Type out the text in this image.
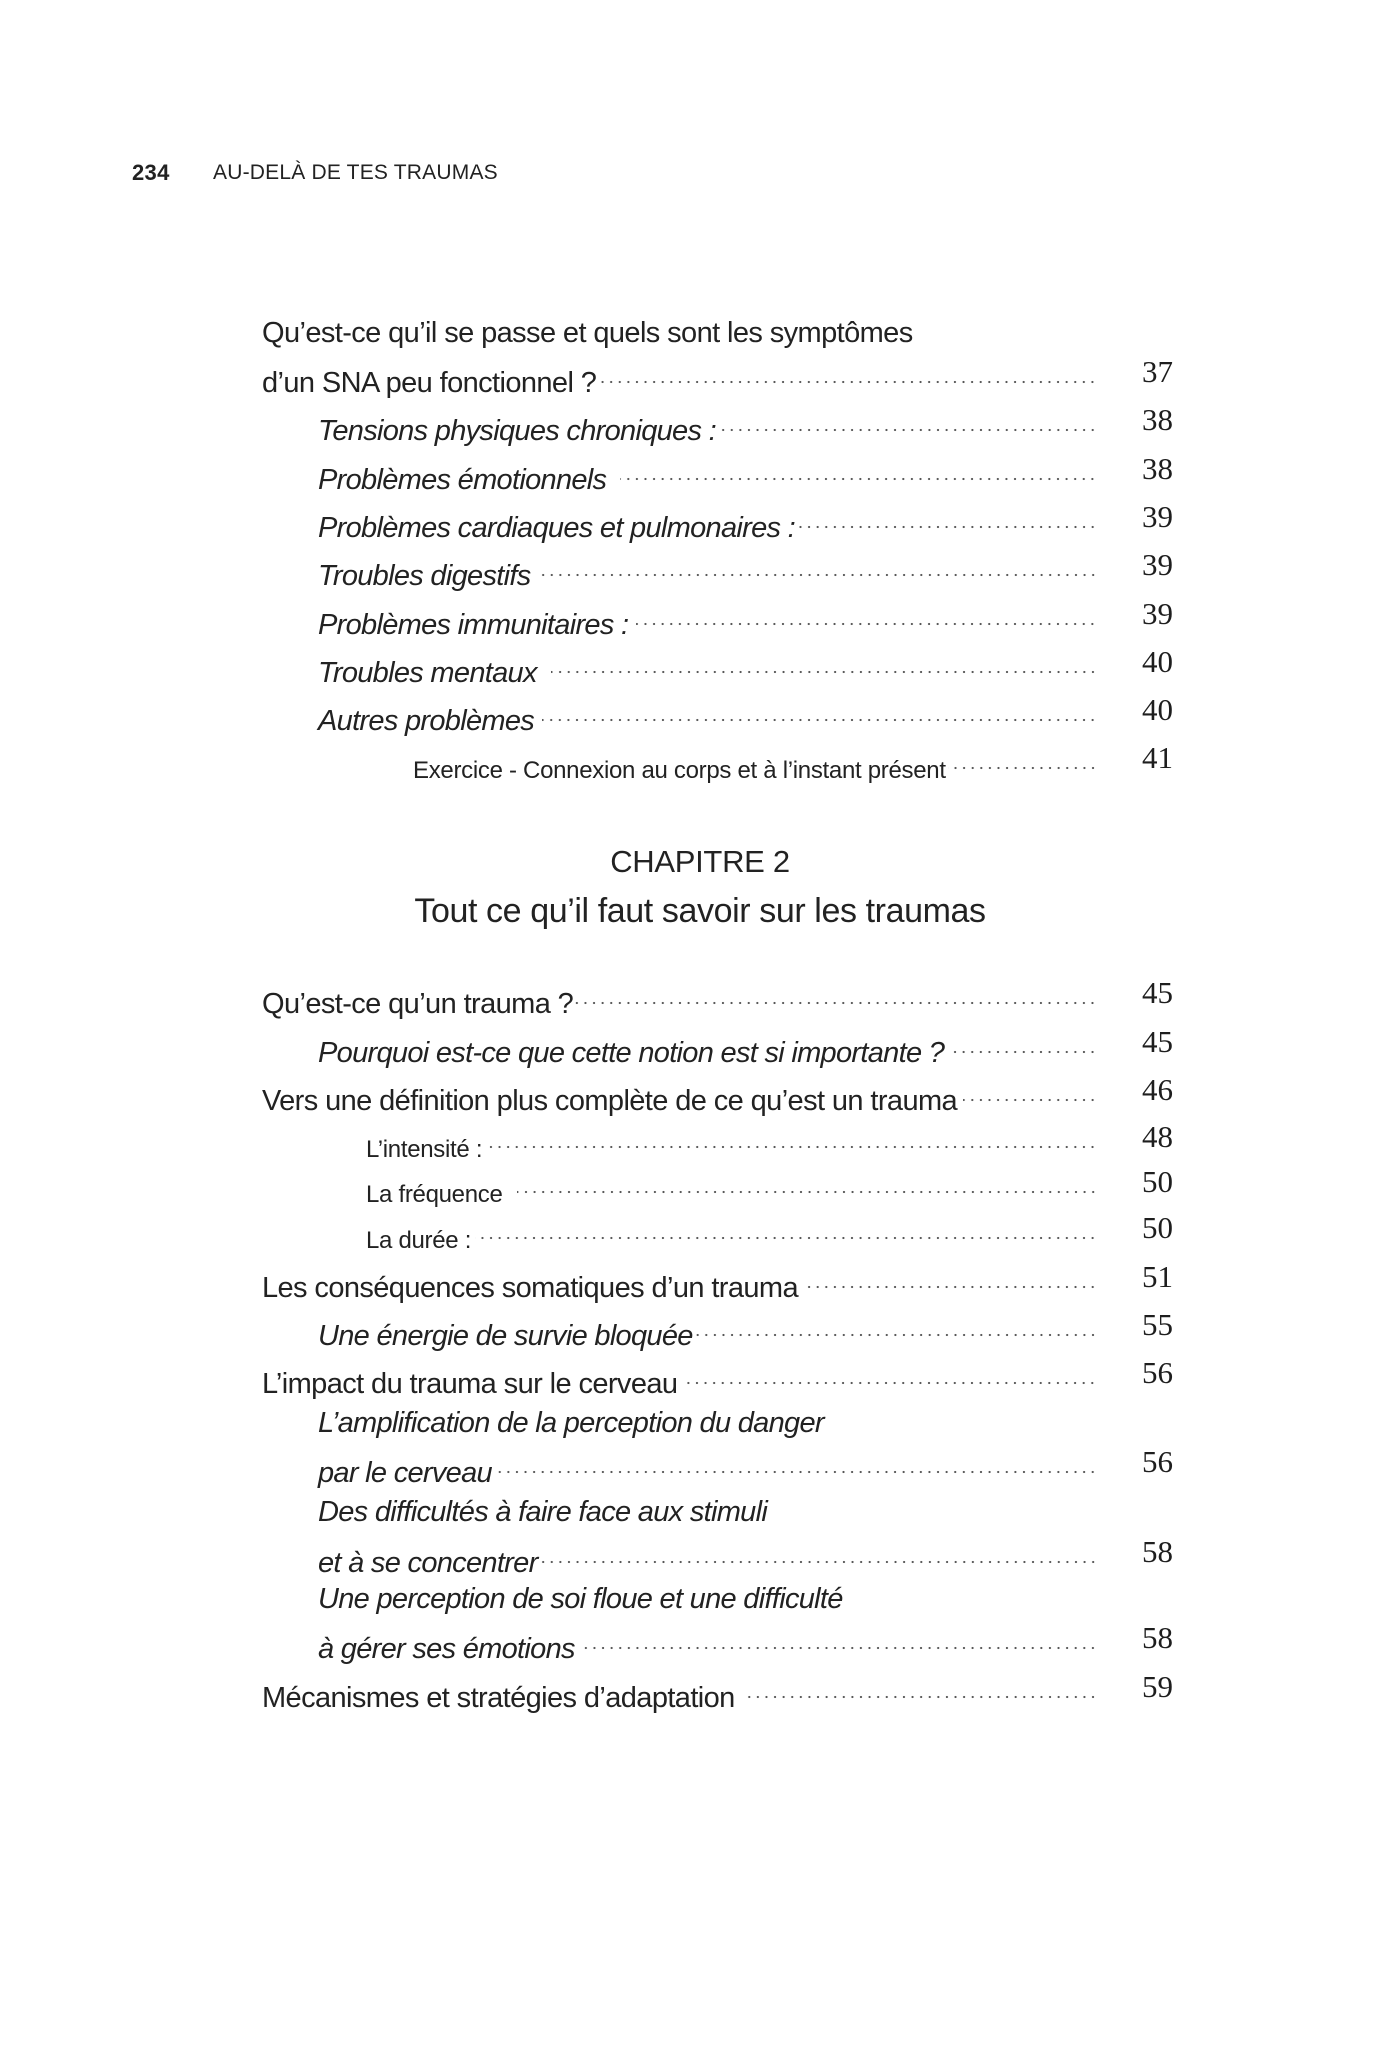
234 AU-DELÀ DE TES TRAUMAS
Qu’est-ce qu’il se passe et quels sont les symptômes
d’un SNA peu fonctionnel ?	37
Tensions physiques chroniques :	38
Problèmes émotionnels	38
Problèmes cardiaques et pulmonaires :	39
Troubles digestifs	39
Problèmes immunitaires :	39
Troubles mentaux	40
Autres problèmes	40
Exercice - Connexion au corps et à l’instant présent	41
CHAPITRE 2
Tout ce qu’il faut savoir sur les traumas
Qu’est-ce qu’un trauma ?	45
Pourquoi est-ce que cette notion est si importante ?	45
Vers une définition plus complète de ce qu’est un trauma	46
L’intensité :	48
La fréquence	50
La durée :	50
Les conséquences somatiques d’un trauma	51
Une énergie de survie bloquée	55
L’impact du trauma sur le cerveau	56
L’amplification de la perception du danger
par le cerveau	56
Des difficultés à faire face aux stimuli
et à se concentrer	58
Une perception de soi floue et une difficulté
à gérer ses émotions	58
Mécanismes et stratégies d’adaptation	59
